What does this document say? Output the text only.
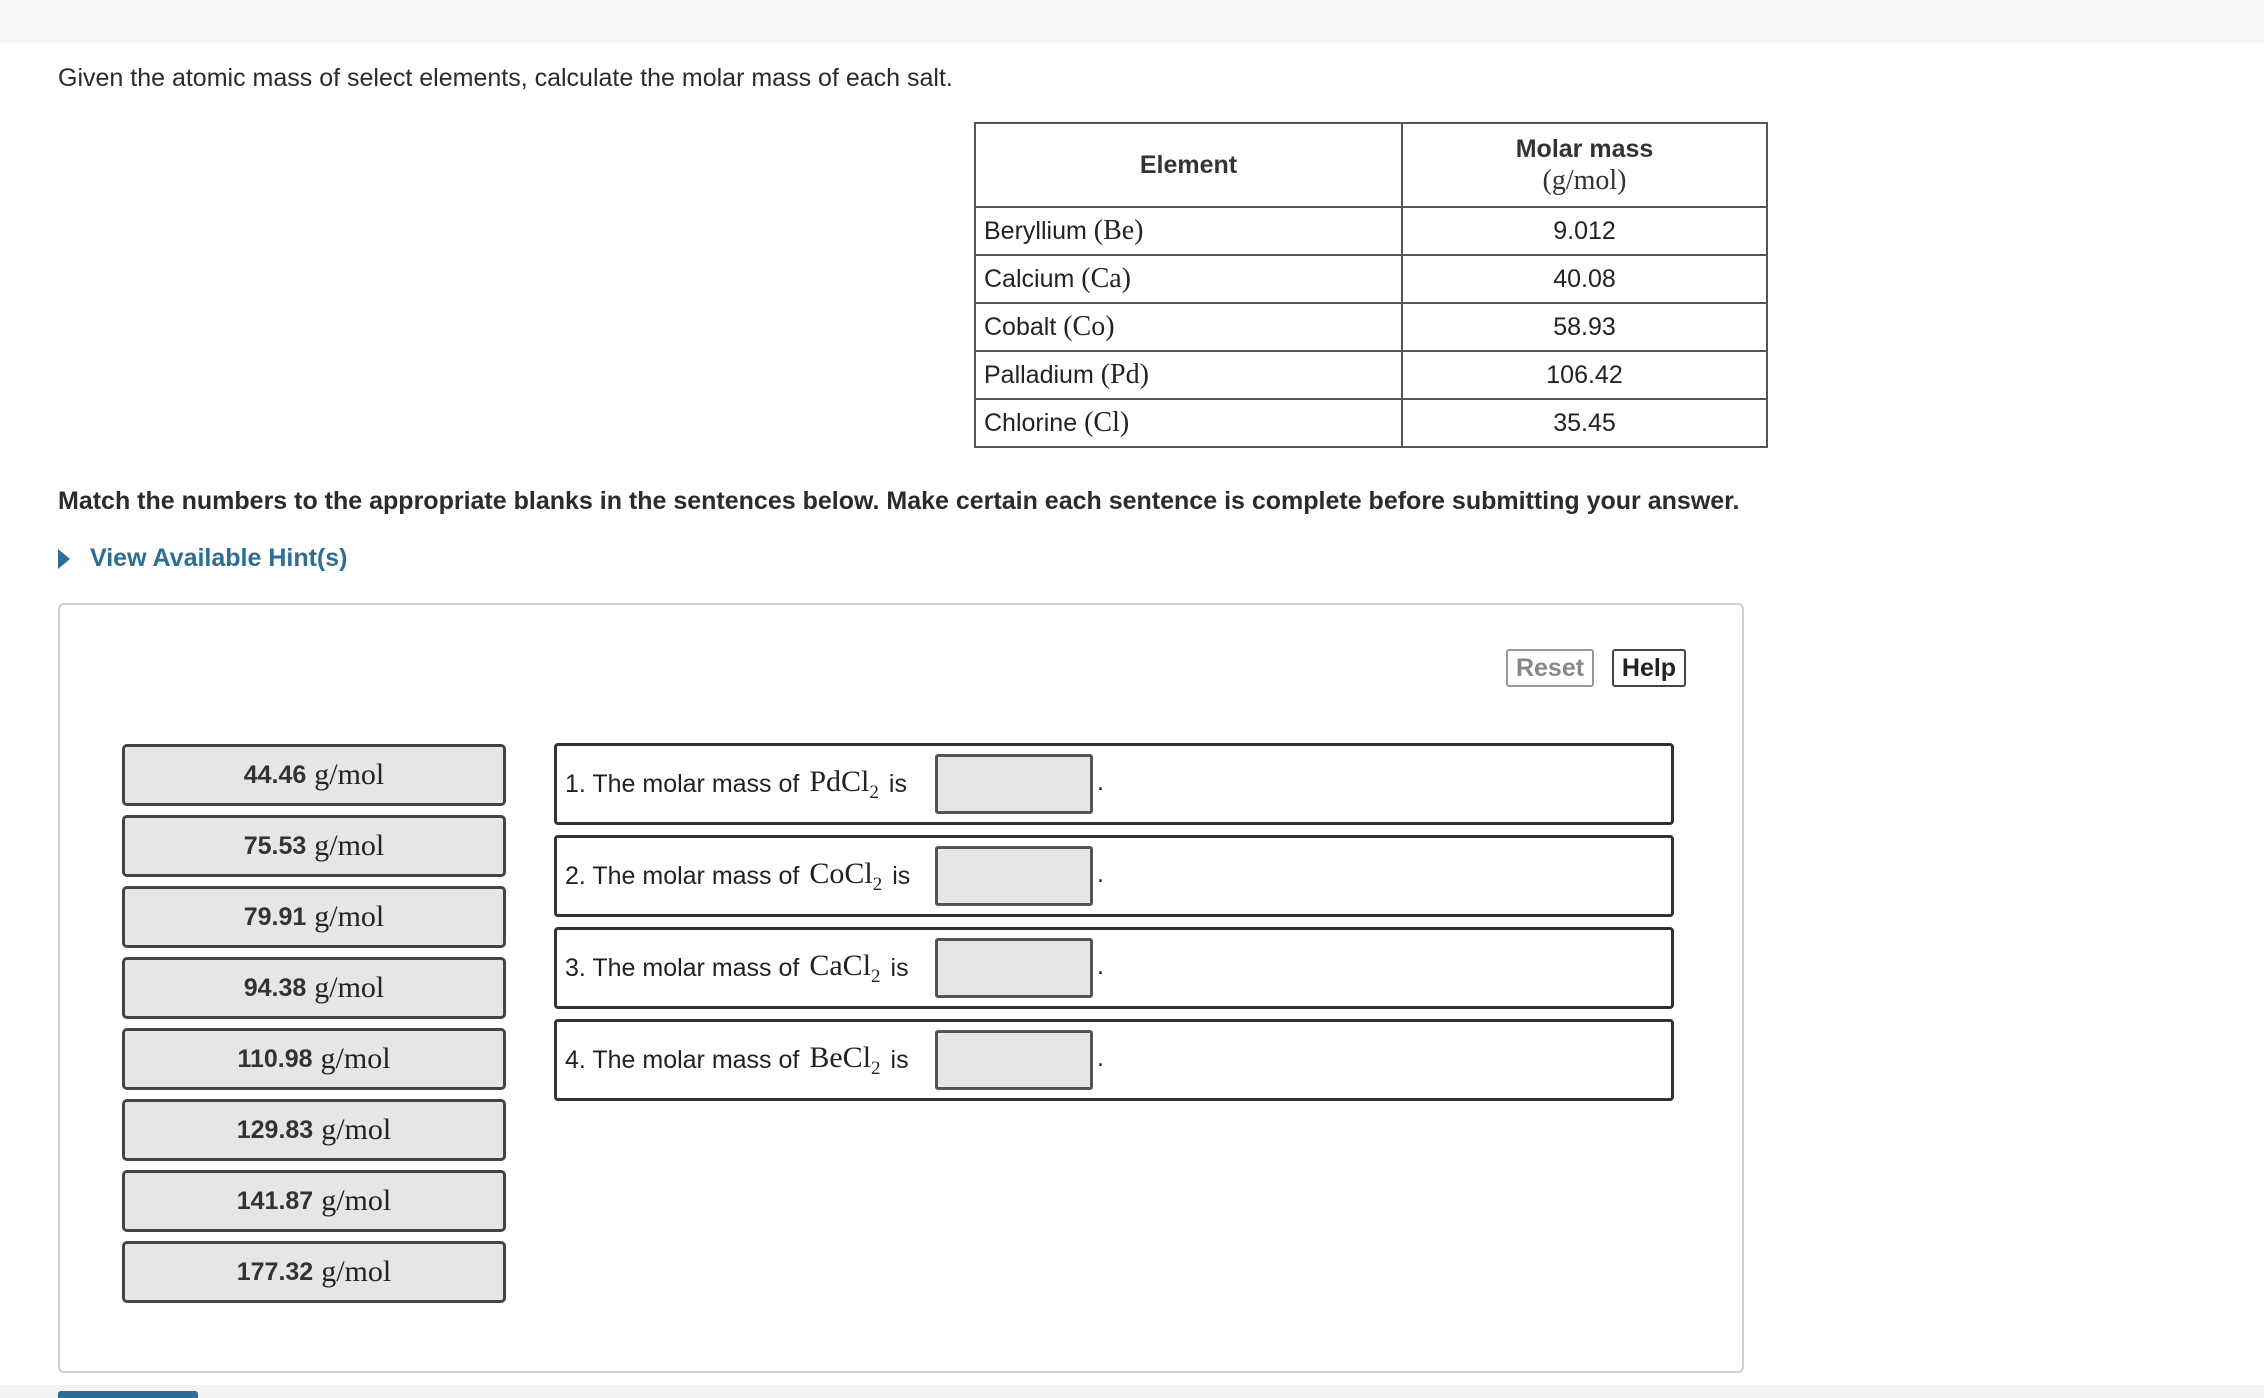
Given the atomic mass of select elements, calculate the molar mass of each salt.
Element	Molar mass
(g/mol)
Beryllium (Be)	9.012
Calcium (Ca)	40.08
Cobalt (Co)	58.93
Palladium (Pd)	106.42
Chlorine (Cl)	35.45
Match the numbers to the appropriate blanks in the sentences below. Make certain each sentence is complete before submitting your answer.
View Available Hint(s)
Reset	Help
44.46 g/mol
75.53 g/mol
79.91 g/mol
94.38 g/mol
110.98 g/mol
129.83 g/mol
141.87 g/mol
177.32 g/mol
1. The molar mass of PdCl$_2$ is	.
2. The molar mass of CoCl$_2$ is	.
3. The molar mass of CaCl$_2$ is	.
4. The molar mass of BeCl$_2$ is	.
